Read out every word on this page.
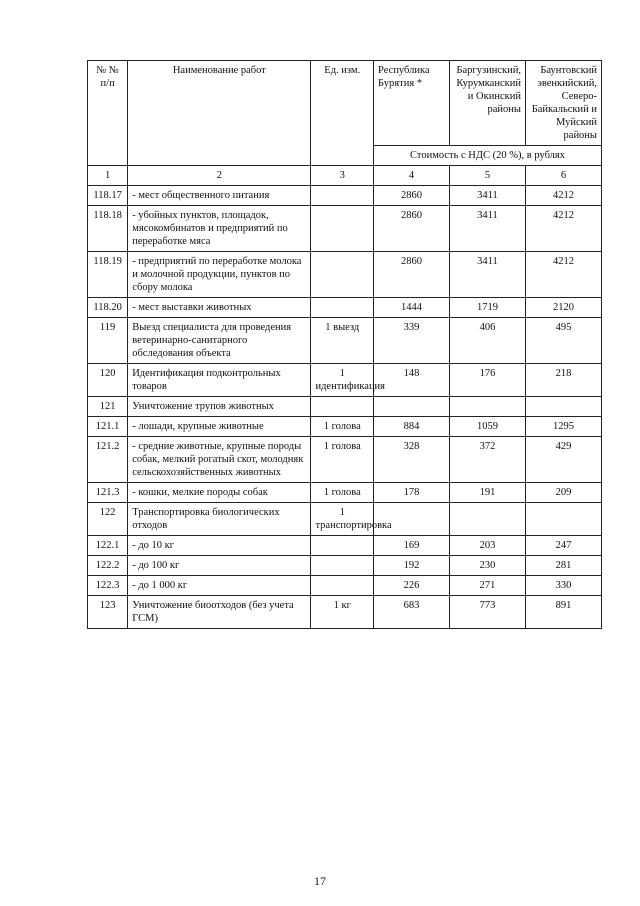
№ № п/п	Наименование работ	Ед. изм.	Республика Бурятия *	Баргузинский, Курумканский и Окинский районы	Баунтовский эвенкийский, Северо-Байкальский и Муйский районы
			Стоимость с НДС (20 %), в рублях		
1	2	3	4	5	6
118.17	- мест общественного питания		2860	3411	4212
118.18	- убойных пунктов, площадок, мясокомбинатов и предприятий по переработке мяса		2860	3411	4212
118.19	- предприятий по переработке молока и молочной продукции, пунктов по сбору молока		2860	3411	4212
118.20	- мест выставки животных		1444	1719	2120
119	Выезд специалиста для проведения ветеринарно-санитарного обследования объекта	1 выезд	339	406	495
120	Идентификация подконтрольных товаров	1 идентификация	148	176	218
121	Уничтожение трупов животных				
121.1	- лошади, крупные животные	1 голова	884	1059	1295
121.2	- средние животные, крупные породы собак, мелкий рогатый скот, молодняк сельскохозяйственных животных	1 голова	328	372	429
121.3	- кошки, мелкие породы собак	1 голова	178	191	209
122	Транспортировка биологических отходов	1 транспортировка			
122.1	- до 10 кг		169	203	247
122.2	- до 100 кг		192	230	281
122.3	- до 1 000 кг		226	271	330
123	Уничтожение биоотходов (без учета ГСМ)	1 кг	683	773	891
17
